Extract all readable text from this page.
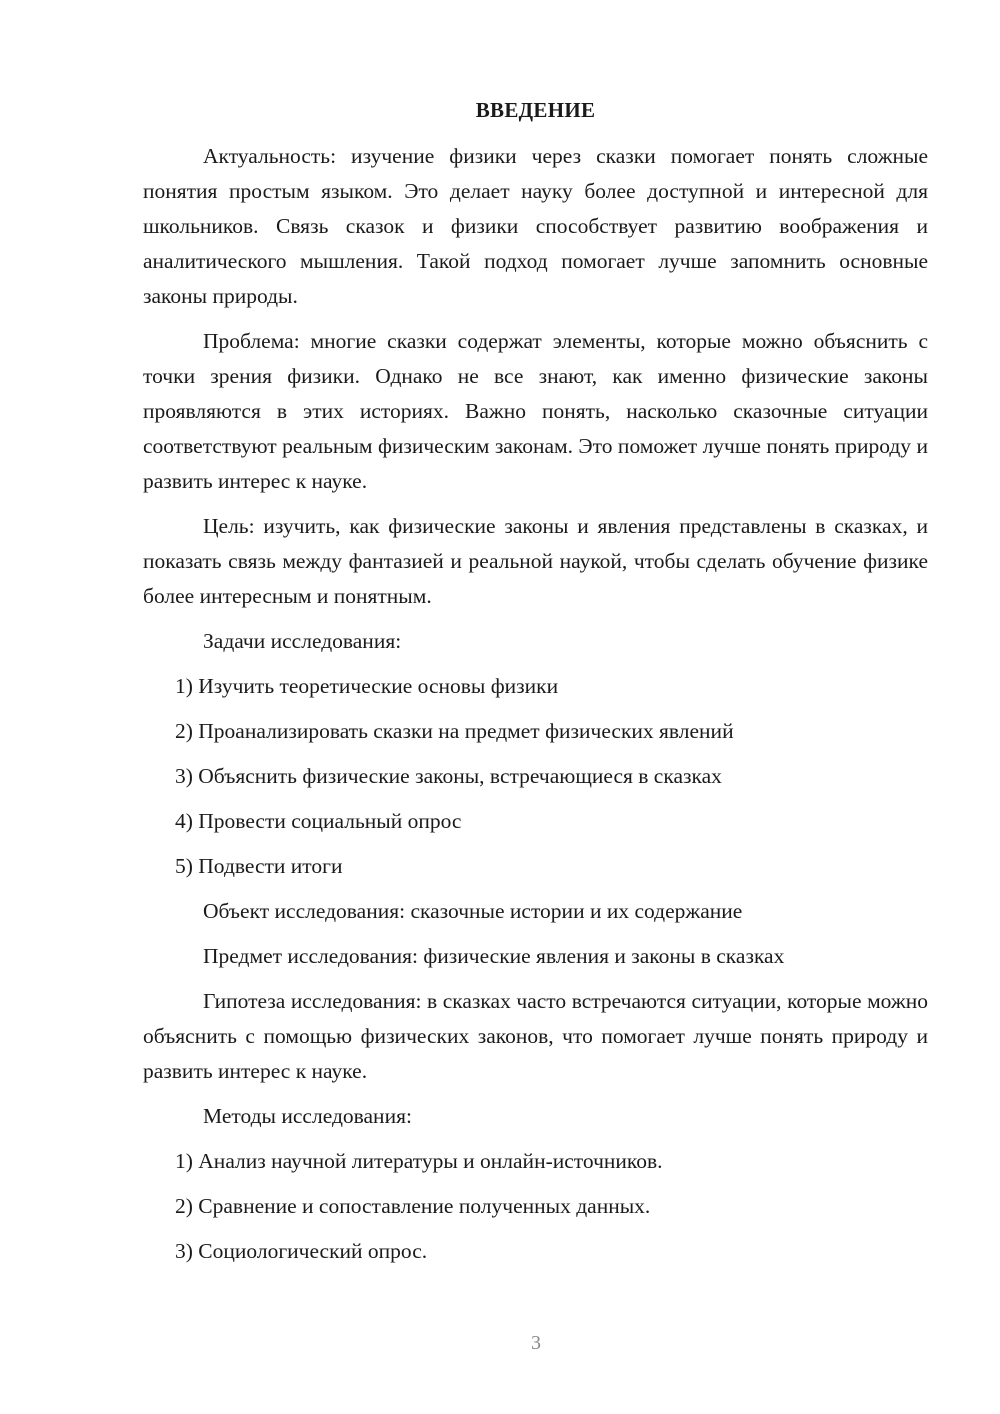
ВВЕДЕНИЕ

Актуальность: изучение физики через сказки помогает понять сложные понятия простым языком. Это делает науку более доступной и интересной для школьников. Связь сказок и физики способствует развитию воображения и аналитического мышления. Такой подход помогает лучше запомнить основные законы природы.

Проблема: многие сказки содержат элементы, которые можно объяснить с точки зрения физики. Однако не все знают, как именно физические законы проявляются в этих историях. Важно понять, насколько сказочные ситуации соответствуют реальным физическим законам. Это поможет лучше понять природу и развить интерес к науке.

Цель: изучить, как физические законы и явления представлены в сказках, и показать связь между фантазией и реальной наукой, чтобы сделать обучение физике более интересным и понятным.

Задачи исследования:
1) Изучить теоретические основы физики
2) Проанализировать сказки на предмет физических явлений
3) Объяснить физические законы, встречающиеся в сказках
4) Провести социальный опрос
5) Подвести итоги
Объект исследования: сказочные истории и их содержание
Предмет исследования: физические явления и законы в сказках

Гипотеза исследования: в сказках часто встречаются ситуации, которые можно объяснить с помощью физических законов, что помогает лучше понять природу и развить интерес к науке.

Методы исследования:
1) Анализ научной литературы и онлайн-источников.
2) Сравнение и сопоставление полученных данных.
3) Социологический опрос.
3
